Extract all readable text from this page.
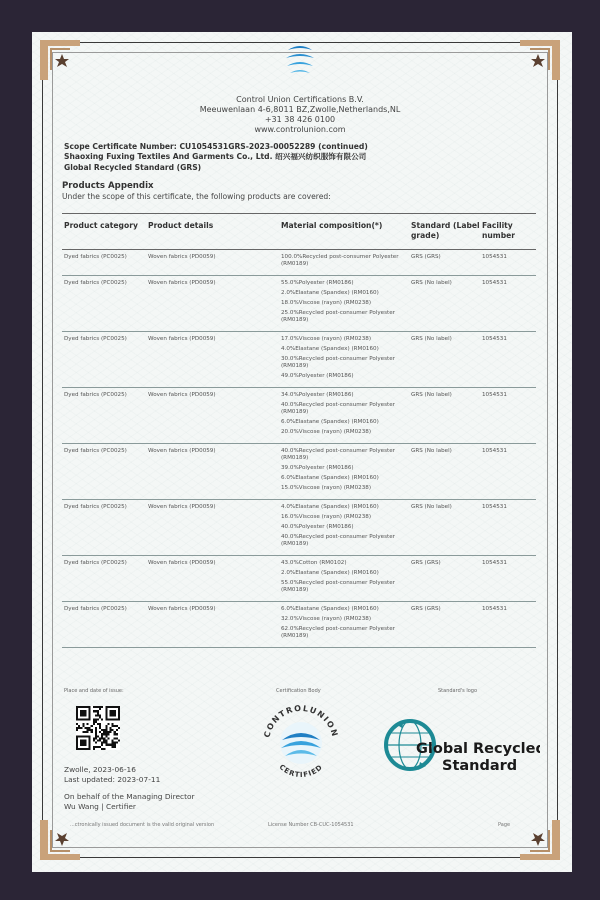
Control Union Certifications B.V.
Meeuwenlaan 4-6,8011 BZ,Zwolle,Netherlands,NL
+31 38 426 0100
www.controlunion.com
Scope Certificate Number: CU1054531GRS-2023-00052289 (continued)
Shaoxing Fuxing Textiles And Garments Co., Ltd. 绍兴福兴纺织服饰有限公司
Global Recycled Standard (GRS)
Products Appendix
Under the scope of this certificate, the following products are covered:
Product category	Product details	Material composition(*)	Standard (Label grade)
Facility number
Dyed fabrics (PC0025)	Woven fabrics (PD0059)	100.0%Recycled post-consumer Polyester (RM0189)
GRS (GRS)	1054531
Dyed fabrics (PC0025)	Woven fabrics (PD0059)	55.0%Polyester (RM0186)
2.0%Elastane (Spandex) (RM0160)
18.0%Viscose (rayon) (RM0238)
25.0%Recycled post-consumer Polyester (RM0189)
GRS (No label)	1054531
Dyed fabrics (PC0025)	Woven fabrics (PD0059)	17.0%Viscose (rayon) (RM0238)
4.0%Elastane (Spandex) (RM0160)
30.0%Recycled post-consumer Polyester (RM0189)
49.0%Polyester (RM0186)
GRS (No label)	1054531
Dyed fabrics (PC0025)	Woven fabrics (PD0059)	34.0%Polyester (RM0186)
40.0%Recycled post-consumer Polyester (RM0189)
6.0%Elastane (Spandex) (RM0160)
20.0%Viscose (rayon) (RM0238)
GRS (No label)	1054531
Dyed fabrics (PC0025)	Woven fabrics (PD0059)	40.0%Recycled post-consumer Polyester (RM0189)
39.0%Polyester (RM0186)
6.0%Elastane (Spandex) (RM0160)
15.0%Viscose (rayon) (RM0238)
GRS (No label)	1054531
Dyed fabrics (PC0025)	Woven fabrics (PD0059)	4.0%Elastane (Spandex) (RM0160)
16.0%Viscose (rayon) (RM0238)
40.0%Polyester (RM0186)
40.0%Recycled post-consumer Polyester (RM0189)
GRS (No label)	1054531
Dyed fabrics (PC0025)	Woven fabrics (PD0059)	43.0%Cotton (RM0102)
2.0%Elastane (Spandex) (RM0160)
55.0%Recycled post-consumer Polyester (RM0189)
GRS (GRS)	1054531
Dyed fabrics (PC0025)	Woven fabrics (PD0059)	6.0%Elastane (Spandex) (RM0160)
32.0%Viscose (rayon) (RM0238)
62.0%Recycled post-consumer Polyester (RM0189)
GRS (GRS)	1054531
Place and date of issue:	Certification Body	Standard's logo
CONTROLUNION
CERTIFIED
Global Recycled
Standard
Zwolle, 2023-06-16
Last updated: 2023-07-11
On behalf of the Managing Director
Wu Wang | Certifier
...ctronically issued document is the valid original version	License Number CB-CUC-1054531	Page
